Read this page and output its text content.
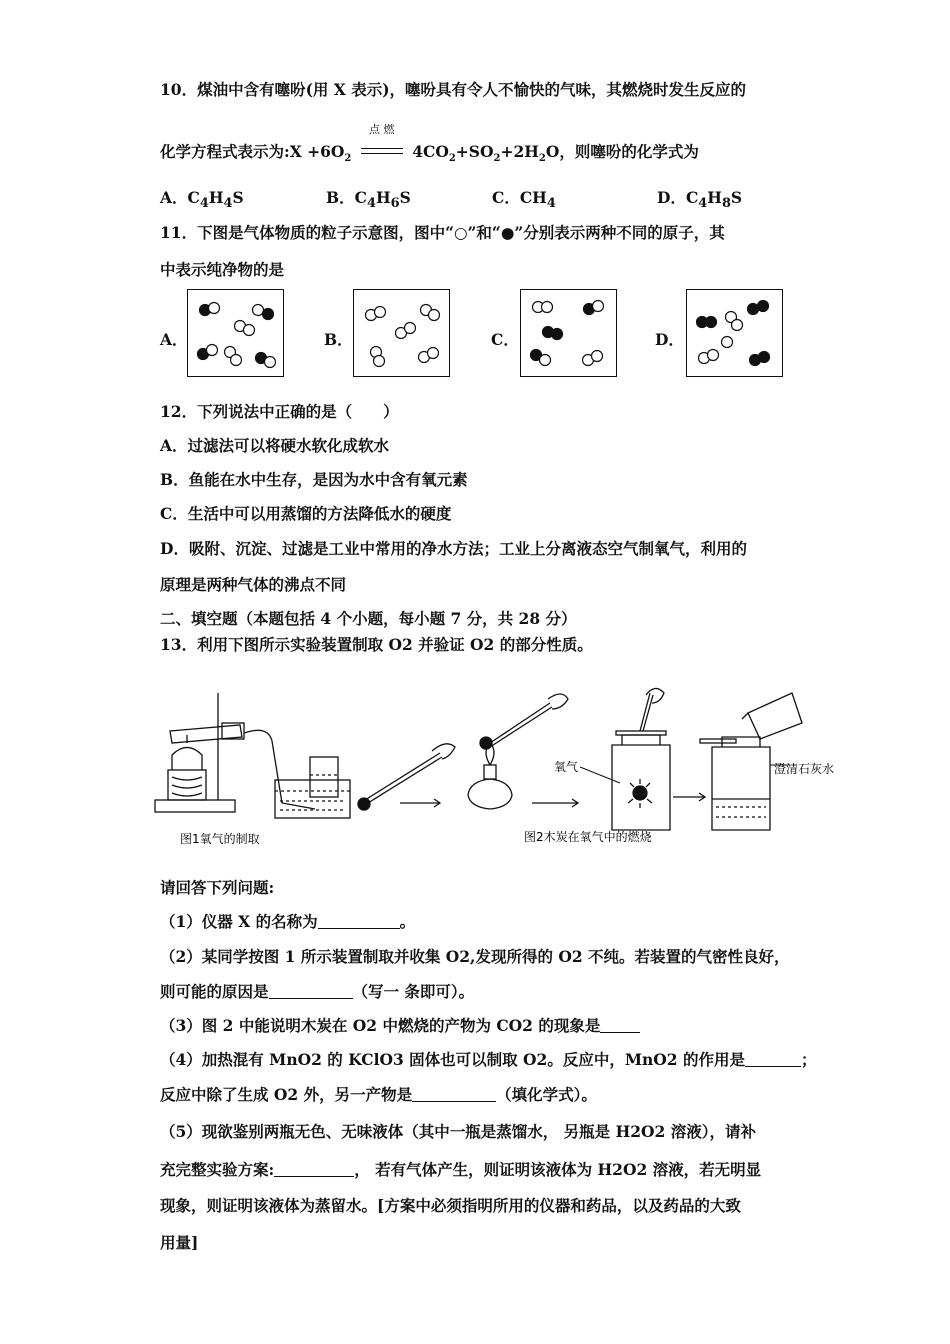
10．煤油中含有噻吩(用 X 表示)，噻吩具有令人不愉快的气味，其燃烧时发生反应的
化学方程式表示为:X $+6O_2$
点 燃
$4CO_2+SO_2+2H_2O$，则噻吩的化学式为
A．$C_4H_4S$	B．$C_4H_6S$	C．$CH_4$	D．$C_4H_8S$
11．下图是气体物质的粒子示意图，图中“○”和“●”分别表示两种不同的原子，其
中表示纯净物的是
A．	B．	C．	D．
12．下列说法中正确的是（　　）
A．过滤法可以将硬水软化成软水
B．鱼能在水中生存，是因为水中含有氧元素
C．生活中可以用蒸馏的方法降低水的硬度
D．吸附、沉淀、过滤是工业中常用的净水方法；工业上分离液态空气制氧气，利用的
原理是两种气体的沸点不同
二、填空题（本题包括 4 个小题，每小题 7 分，共 28 分）
13．利用下图所示实验装置制取 O2 并验证 O2 的部分性质。
图1氧气的制取	图2木炭在氧气中的燃烧
氧气	澄清石灰水
请回答下列问题:
（1）仪器 X 的名称为	。
（2）某同学按图 1 所示装置制取并收集 O2,发现所得的 O2 不纯。若装置的气密性良好，
则可能的原因是	（写一 条即可）。
（3）图 2 中能说明木炭在 O2 中燃烧的产物为 CO2 的现象是
（4）加热混有 MnO2 的 KClO3 固体也可以制取 O2。反应中，MnO2 的作用是	；
反应中除了生成 O2 外，另一产物是	（填化学式）。
（5）现欲鉴别两瓶无色、无味液体（其中一瓶是蒸馏水， 另瓶是 H2O2 溶液），请补
充完整实验方案:	， 若有气体产生，则证明该液体为 H2O2 溶液，若无明显
现象，则证明该液体为蒸留水。[方案中必须指明所用的仪器和药品，以及药品的大致
用量]
